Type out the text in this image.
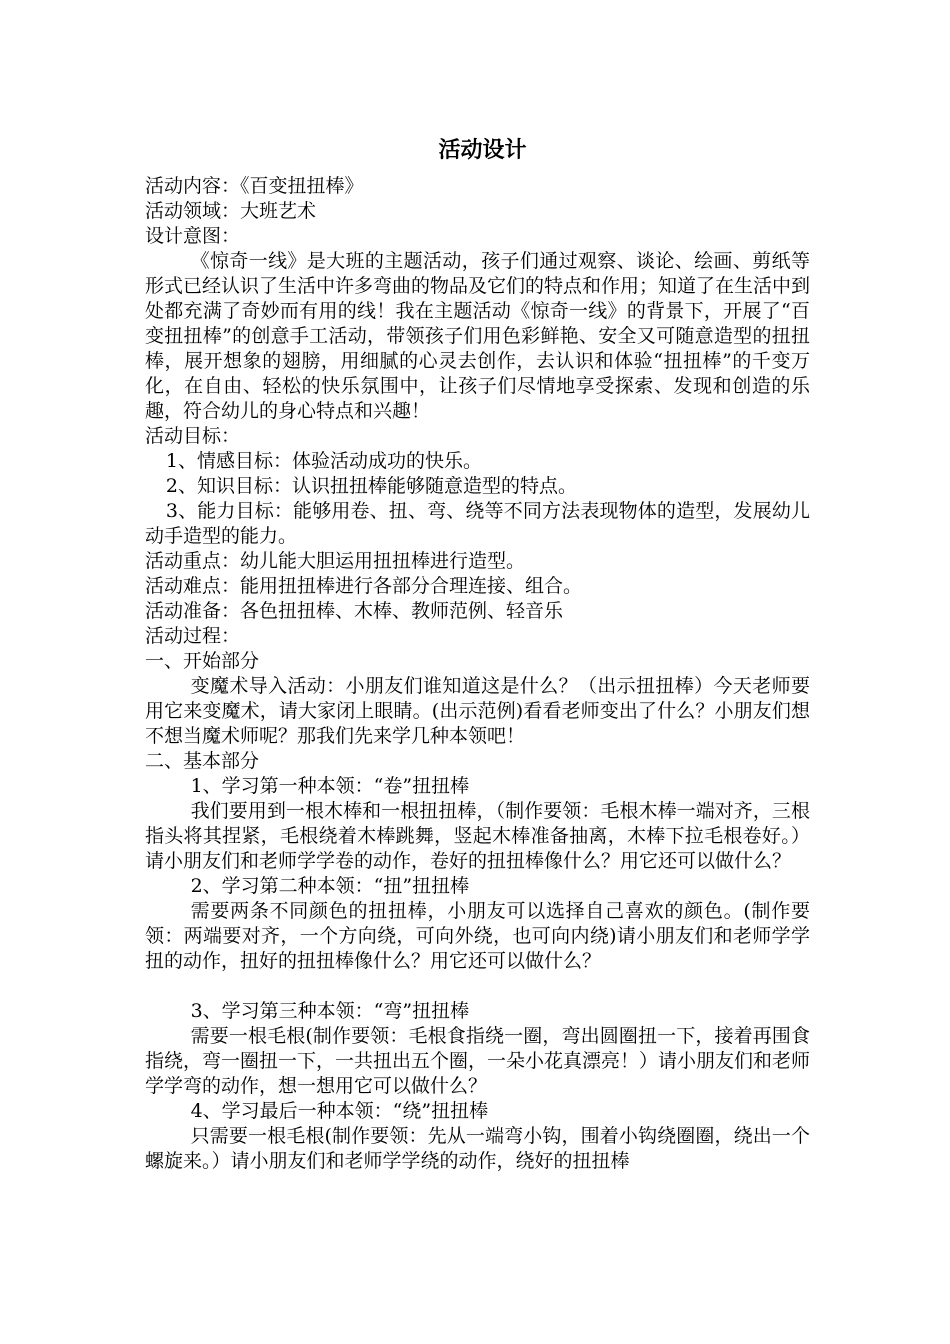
活动设计

活动内容：《百变扭扭棒》

活动领域：大班艺术

设计意图：

《惊奇一线》是大班的主题活动，孩子们通过观察、谈论、绘画、剪纸等形式已经认识了生活中许多弯曲的物品及它们的特点和作用；知道了在生活中到处都充满了奇妙而有用的线！我在主题活动《惊奇一线》的背景下，开展了“百变扭扭棒”的创意手工活动，带领孩子们用色彩鲜艳、安全又可随意造型的扭扭棒，展开想象的翅膀，用细腻的心灵去创作，去认识和体验“扭扭棒”的千变万化，在自由、轻松的快乐氛围中，让孩子们尽情地享受探索、发现和创造的乐趣，符合幼儿的身心特点和兴趣！

活动目标：

1、情感目标：体验活动成功的快乐。

2、知识目标：认识扭扭棒能够随意造型的特点。

3、能力目标：能够用卷、扭、弯、绕等不同方法表现物体的造型，发展幼儿动手造型的能力。

活动重点：幼儿能大胆运用扭扭棒进行造型。

活动难点：能用扭扭棒进行各部分合理连接、组合。

活动准备：各色扭扭棒、木棒、教师范例、轻音乐

活动过程：

一、开始部分

变魔术导入活动：小朋友们谁知道这是什么？（出示扭扭棒）今天老师要用它来变魔术，请大家闭上眼睛。(出示范例)看看老师变出了什么？小朋友们想不想当魔术师呢？那我们先来学几种本领吧！

二、基本部分

1、学习第一种本领：“卷”扭扭棒

我们要用到一根木棒和一根扭扭棒，（制作要领：毛根木棒一端对齐，三根指头将其捏紧，毛根绕着木棒跳舞，竖起木棒准备抽离，木棒下拉毛根卷好。）请小朋友们和老师学学卷的动作，卷好的扭扭棒像什么？用它还可以做什么？

2、学习第二种本领：“扭”扭扭棒

需要两条不同颜色的扭扭棒，小朋友可以选择自己喜欢的颜色。(制作要领：两端要对齐，一个方向绕，可向外绕，也可向内绕)请小朋友们和老师学学扭的动作，扭好的扭扭棒像什么？用它还可以做什么？

3、学习第三种本领：“弯”扭扭棒

需要一根毛根(制作要领：毛根食指绕一圈，弯出圆圈扭一下，接着再围食指绕，弯一圈扭一下，一共扭出五个圈，一朵小花真漂亮！）请小朋友们和老师学学弯的动作，想一想用它可以做什么？

4、学习最后一种本领：“绕”扭扭棒

只需要一根毛根(制作要领：先从一端弯小钩，围着小钩绕圈圈，绕出一个螺旋来。）请小朋友们和老师学学绕的动作，绕好的扭扭棒
